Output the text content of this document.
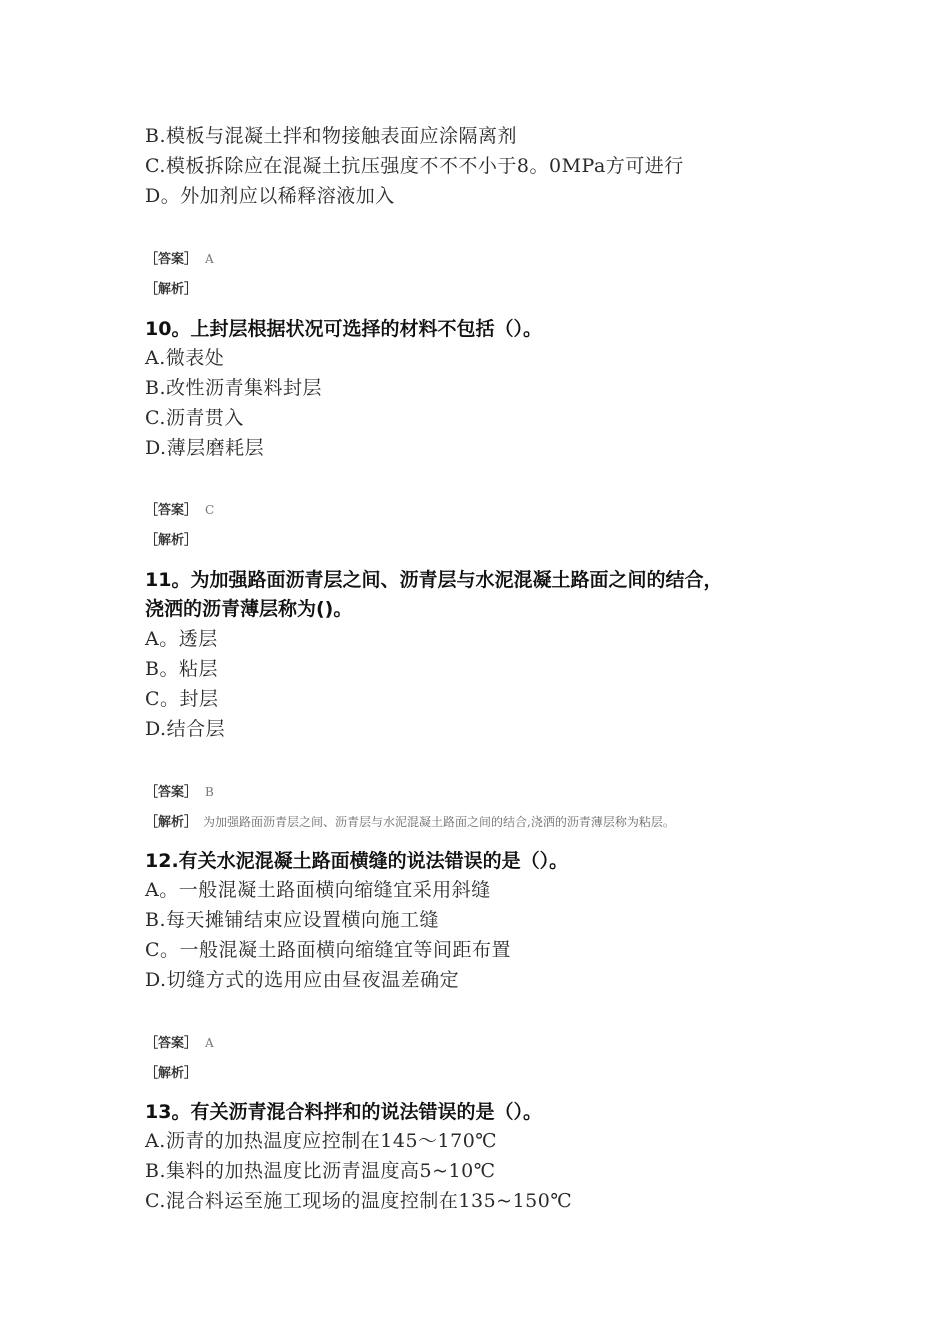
B.模板与混凝土拌和物接触表面应涂隔离剂
C.模板拆除应在混凝土抗压强度不不不小于8。0MPa方可进行
D。外加剂应以稀释溶液加入
［答案］ A
［解析］
10。上封层根据状况可选择的材料不包括（）。
A.微表处
B.改性沥青集料封层
C.沥青贯入
D.薄层磨耗层
［答案］ C
［解析］
11。为加强路面沥青层之间、沥青层与水泥混凝土路面之间的结合，
浇洒的沥青薄层称为()。
A。透层
B。粘层
C。封层
D.结合层
［答案］ B
［解析］ 为加强路面沥青层之间、沥青层与水泥混凝土路面之间的结合,浇洒的沥青薄层称为粘层。
12.有关水泥混凝土路面横缝的说法错误的是（）。
A。一般混凝土路面横向缩缝宜采用斜缝
B.每天摊铺结束应设置横向施工缝
C。一般混凝土路面横向缩缝宜等间距布置
D.切缝方式的选用应由昼夜温差确定
［答案］ A
［解析］
13。有关沥青混合料拌和的说法错误的是（）。
A.沥青的加热温度应控制在145～170℃
B.集料的加热温度比沥青温度高5~10℃
C.混合料运至施工现场的温度控制在135~150℃
